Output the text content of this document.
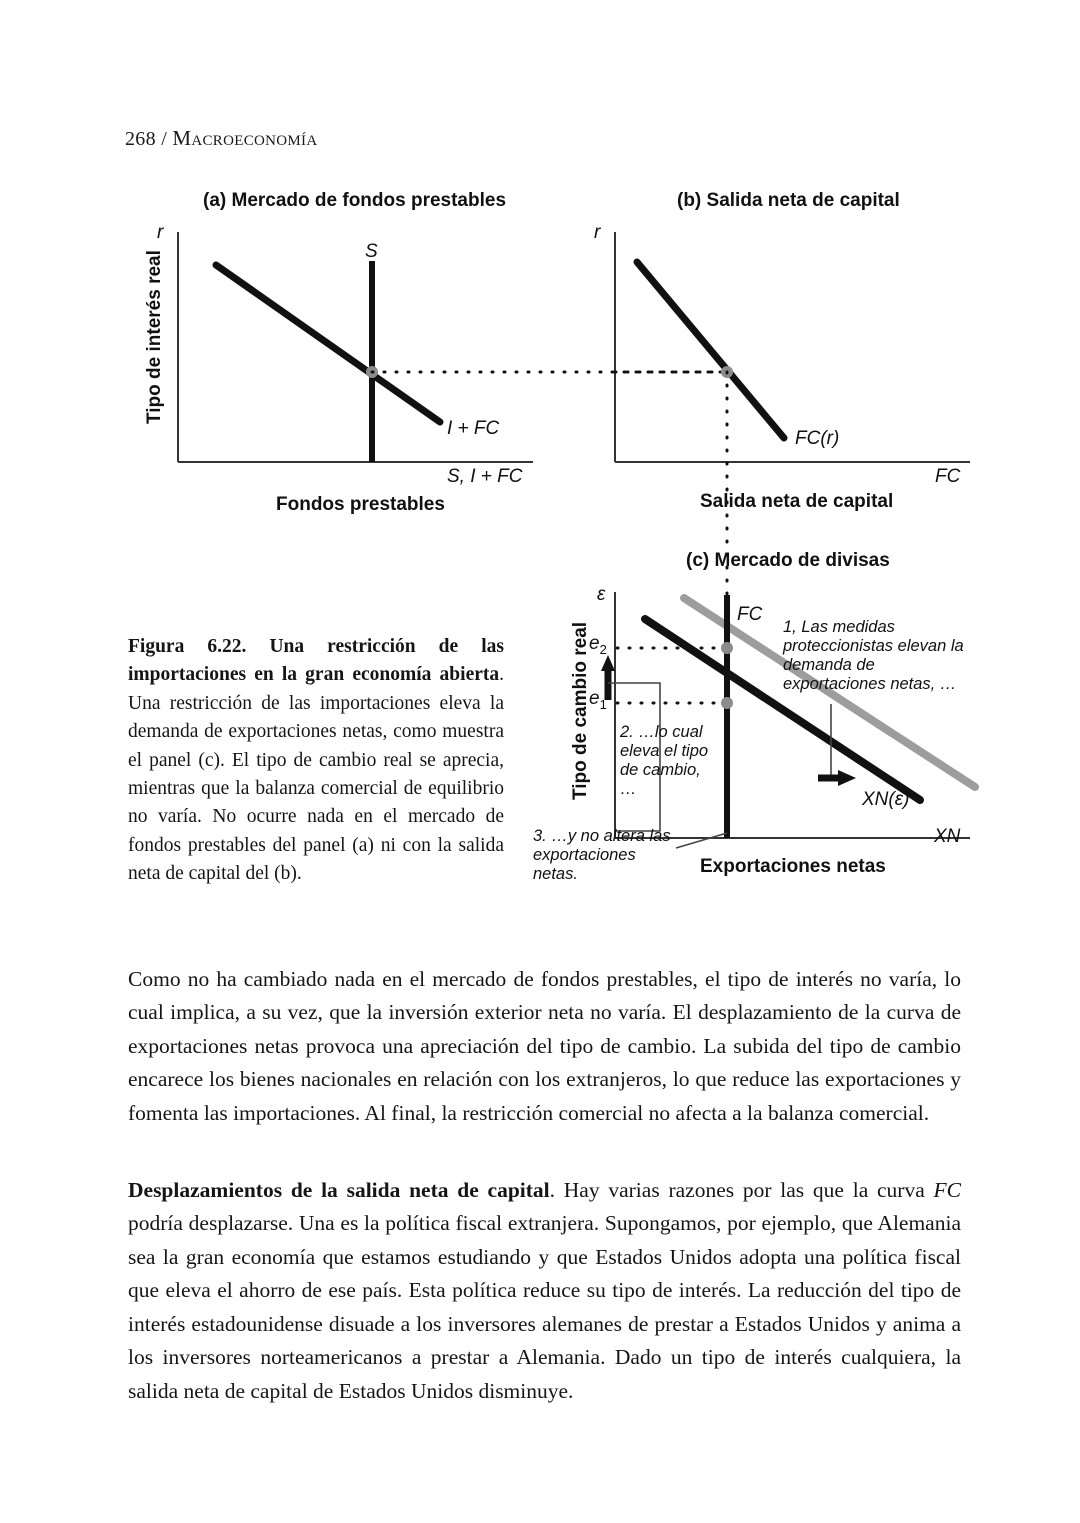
268 / Macroeconomía
(a) Mercado de fondos prestables	(b) Salida neta de capital
(c) Mercado de divisas
Tipo de interés real
Fondos prestables	Salida neta de capital
Tipo de cambio real
Exportaciones netas
r
S
I + FC
S, I + FC
r
FC(r)
FC
ε
FC
XN(ε)
XN
$e_2$
$e_1$
1, Las medidas proteccionistas elevan la demanda de exportaciones netas, …
2. …lo cual eleva el tipo de cambio, …
3. …y no altera las exportaciones netas.
Figura 6.22. Una restricción de las importaciones en la gran economía abierta. Una restricción de las importaciones eleva la demanda de exportaciones netas, como muestra el panel (c). El tipo de cambio real se aprecia, mientras que la balanza comercial de equilibrio no varía. No ocurre nada en el mercado de fondos prestables del panel (a) ni con la salida neta de capital del (b).

Como no ha cambiado nada en el mercado de fondos prestables, el tipo de interés no varía, lo cual implica, a su vez, que la inversión exterior neta no varía. El desplazamiento de la curva de exportaciones netas provoca una apreciación del tipo de cambio. La subida del tipo de cambio encarece los bienes nacionales en relación con los extranjeros, lo que reduce las exportaciones y fomenta las importaciones. Al final, la restricción comercial no afecta a la balanza comercial.

Desplazamientos de la salida neta de capital. Hay varias razones por las que la curva FC podría desplazarse. Una es la política fiscal extranjera. Supongamos, por ejemplo, que Alemania sea la gran economía que estamos estudiando y que Estados Unidos adopta una política fiscal que eleva el ahorro de ese país. Esta política reduce su tipo de interés. La reducción del tipo de interés estadounidense disuade a los inversores alemanes de prestar a Estados Unidos y anima a los inversores norteamericanos a prestar a Alemania. Dado un tipo de interés cualquiera, la salida neta de capital de Estados Unidos disminuye.
